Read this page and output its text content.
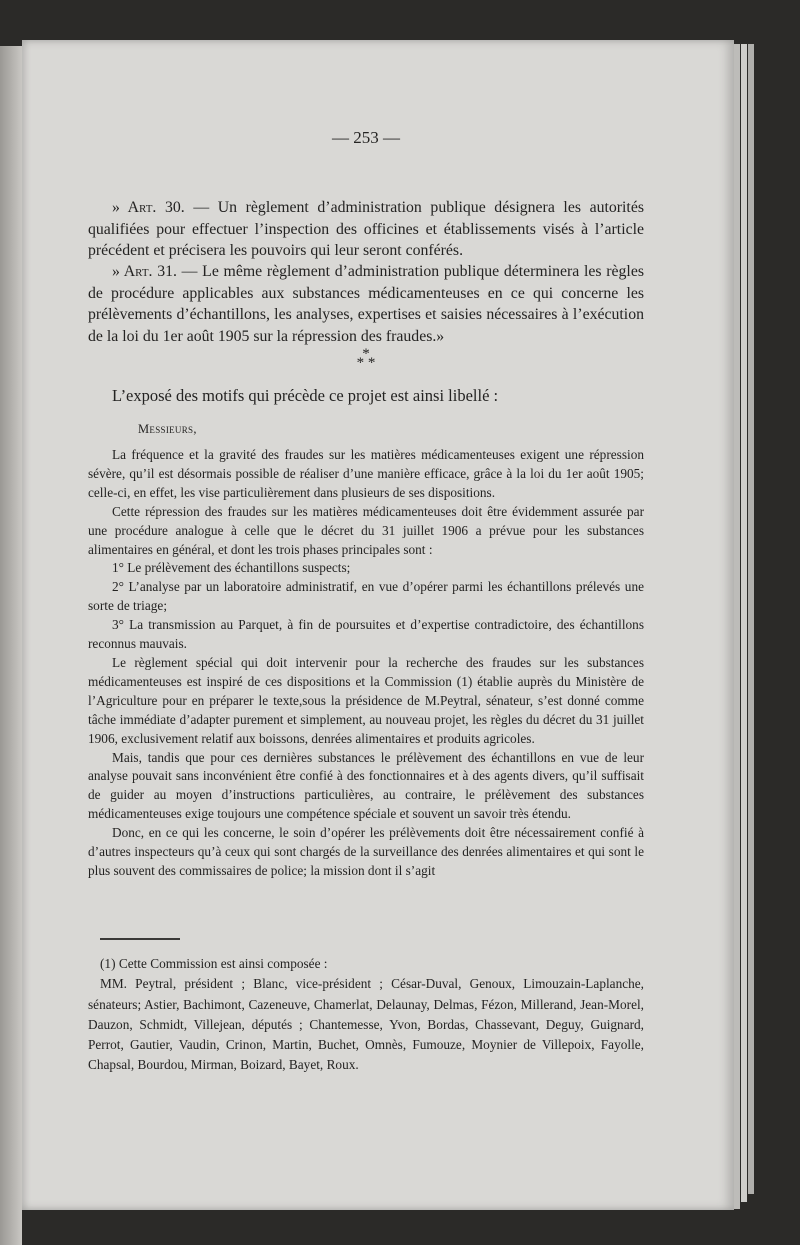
— 253 —

» Art. 30. — Un règlement d’administration publique désignera les autorités qualifiées pour effectuer l’inspection des officines et établissements visés à l’article précédent et précisera les pouvoirs qui leur seront conférés.

» Art. 31. — Le même règlement d’administration publique déterminera les règles de procédure applicables aux substances médicamenteuses en ce qui concerne les prélèvements d’échantillons, les analyses, expertises et saisies nécessaires à l’exécution de la loi du 1er août 1905 sur la répression des fraudes.»

*
* *
L’exposé des motifs qui précède ce projet est ainsi libellé :
Messieurs,

La fréquence et la gravité des fraudes sur les matières médicamenteuses exigent une répression sévère, qu’il est désormais possible de réaliser d’une manière efficace, grâce à la loi du 1er août 1905; celle-ci, en effet, les vise particulièrement dans plusieurs de ses dispositions.

Cette répression des fraudes sur les matières médicamenteuses doit être évidemment assurée par une procédure analogue à celle que le décret du 31 juillet 1906 a prévue pour les substances alimentaires en général, et dont les trois phases principales sont :

1° Le prélèvement des échantillons suspects;

2° L’analyse par un laboratoire administratif, en vue d’opérer parmi les échantillons prélevés une sorte de triage;

3° La transmission au Parquet, à fin de poursuites et d’expertise contradictoire, des échantillons reconnus mauvais.

Le règlement spécial qui doit intervenir pour la recherche des fraudes sur les substances médicamenteuses est inspiré de ces dispositions et la Commission (1) établie auprès du Ministère de l’Agriculture pour en préparer le texte,sous la présidence de M.Peytral, sénateur, s’est donné comme tâche immédiate d’adapter purement et simplement, au nouveau projet, les règles du décret du 31 juillet 1906, exclusivement relatif aux boissons, denrées alimentaires et produits agricoles.

Mais, tandis que pour ces dernières substances le prélèvement des échantillons en vue de leur analyse pouvait sans inconvénient être confié à des fonctionnaires et à des agents divers, qu’il suffisait de guider au moyen d’instructions particulières, au contraire, le prélèvement des substances médicamenteuses exige toujours une compétence spéciale et souvent un savoir très étendu.

Donc, en ce qui les concerne, le soin d’opérer les prélèvements doit être nécessairement confié à d’autres inspecteurs qu’à ceux qui sont chargés de la surveillance des denrées alimentaires et qui sont le plus souvent des commissaires de police; la mission dont il s’agit

(1) Cette Commission est ainsi composée :

MM. Peytral, président ; Blanc, vice-président ; César-Duval, Genoux, Limouzain-Laplanche, sénateurs; Astier, Bachimont, Cazeneuve, Chamerlat, Delaunay, Delmas, Fézon, Millerand, Jean-Morel, Dauzon, Schmidt, Villejean, députés ; Chantemesse, Yvon, Bordas, Chassevant, Deguy, Guignard, Perrot, Gautier, Vaudin, Crinon, Martin, Buchet, Omnès, Fumouze, Moynier de Villepoix, Fayolle, Chapsal, Bourdou, Mirman, Boizard, Bayet, Roux.
